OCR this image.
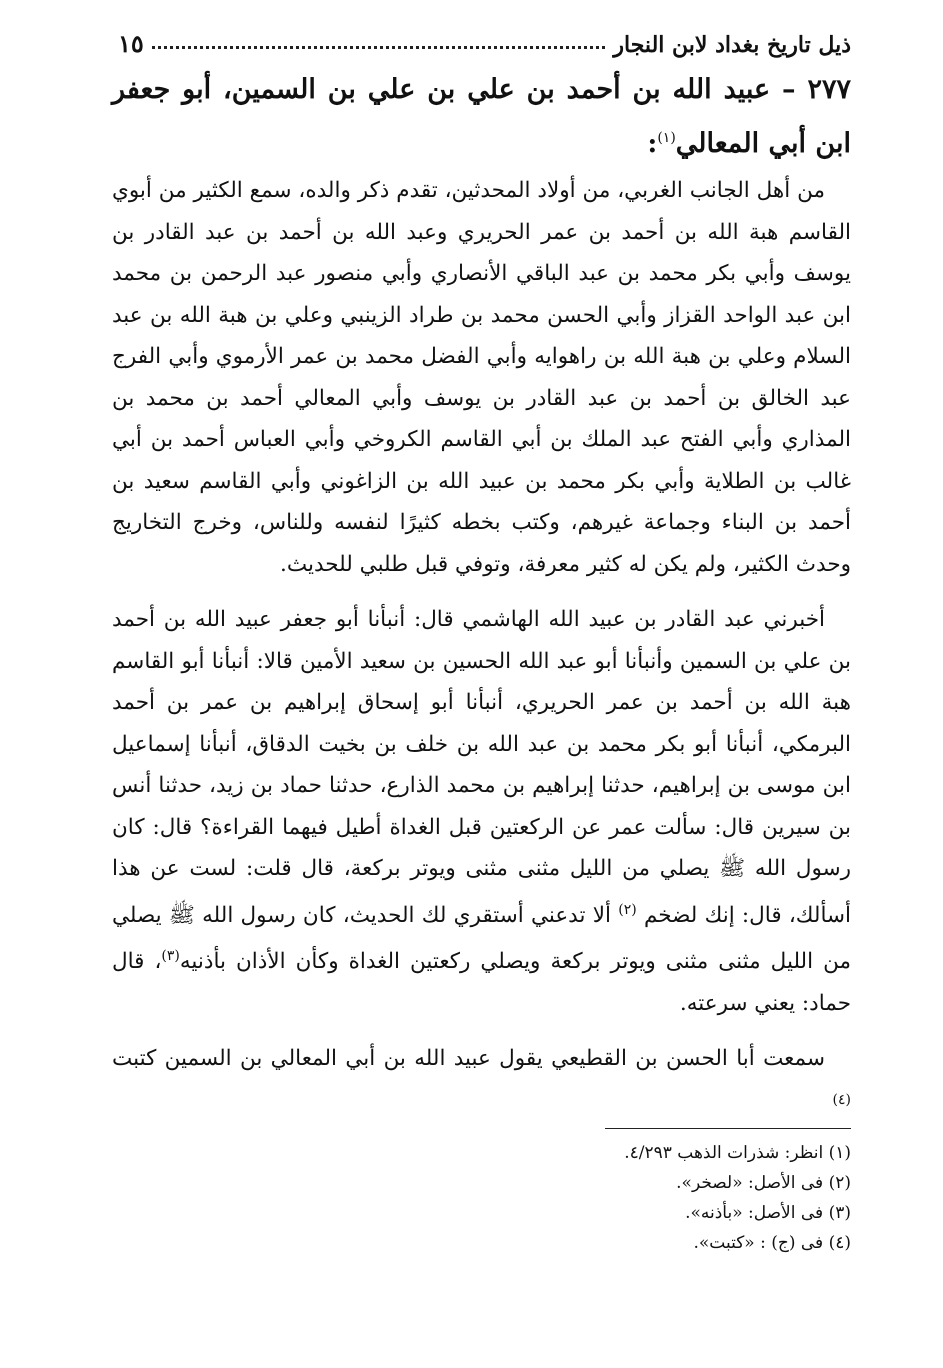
ذيل تاريخ بغداد لابن النجار
١٥
٢٧٧ – عبيد الله بن أحمد بن علي بن علي بن السمين، أبو جعفر ابن أبي المعالي$^{(١)}$:

من أهل الجانب الغربي، من أولاد المحدثين، تقدم ذكر والده، سمع الكثير من أبوي القاسم هبة الله بن أحمد بن عمر الحريري وعبد الله بن أحمد بن عبد القادر بن يوسف وأبي بكر محمد بن عبد الباقي الأنصاري وأبي منصور عبد الرحمن بن محمد ابن عبد الواحد القزاز وأبي الحسن محمد بن طراد الزينبي وعلي بن هبة الله بن عبد السلام وعلي بن هبة الله بن راهوايه وأبي الفضل محمد بن عمر الأرموي وأبي الفرج عبد الخالق بن أحمد بن عبد القادر بن يوسف وأبي المعالي أحمد بن محمد بن المذاري وأبي الفتح عبد الملك بن أبي القاسم الكروخي وأبي العباس أحمد بن أبي غالب بن الطلاية وأبي بكر محمد بن عبيد الله بن الزاغوني وأبي القاسم سعيد بن أحمد بن البناء وجماعة غيرهم، وكتب بخطه كثيرًا لنفسه وللناس، وخرج التخاريج وحدث الكثير، ولم يكن له كثير معرفة، وتوفي قبل طلبي للحديث.

أخبرني عبد القادر بن عبيد الله الهاشمي قال: أنبأنا أبو جعفر عبيد الله بن أحمد بن علي بن السمين وأنبأنا أبو عبد الله الحسين بن سعيد الأمين قالا: أنبأنا أبو القاسم هبة الله بن أحمد بن عمر الحريري، أنبأنا أبو إسحاق إبراهيم بن عمر بن أحمد البرمكي، أنبأنا أبو بكر محمد بن عبد الله بن خلف بن بخيت الدقاق، أنبأنا إسماعيل ابن موسى بن إبراهيم، حدثنا إبراهيم بن محمد الذارع، حدثنا حماد بن زيد، حدثنا أنس بن سيرين قال: سألت عمر عن الركعتين قبل الغداة أطيل فيهما القراءة؟ قال: كان رسول الله ﷺ يصلي من الليل مثنى مثنى ويوتر بركعة، قال قلت: لست عن هذا أسألك، قال: إنك لضخم $^{(٢)}$ ألا تدعني أستقري لك الحديث، كان رسول الله ﷺ يصلي من الليل مثنى مثنى ويوتر بركعة ويصلي ركعتين الغداة وكأن الأذان بأذنيه$^{(٣)}$، قال حماد: يعني سرعته.

سمعت أبا الحسن بن القطيعي يقول عبيد الله بن أبي المعالي بن السمين كتبت $^{(٤)}$

(١) انظر: شذرات الذهب ٤/٢٩٣.
(٢) فى الأصل: «لصخر».
(٣) فى الأصل: «بأذنه».
(٤) فى (ج) : «كتبت».
